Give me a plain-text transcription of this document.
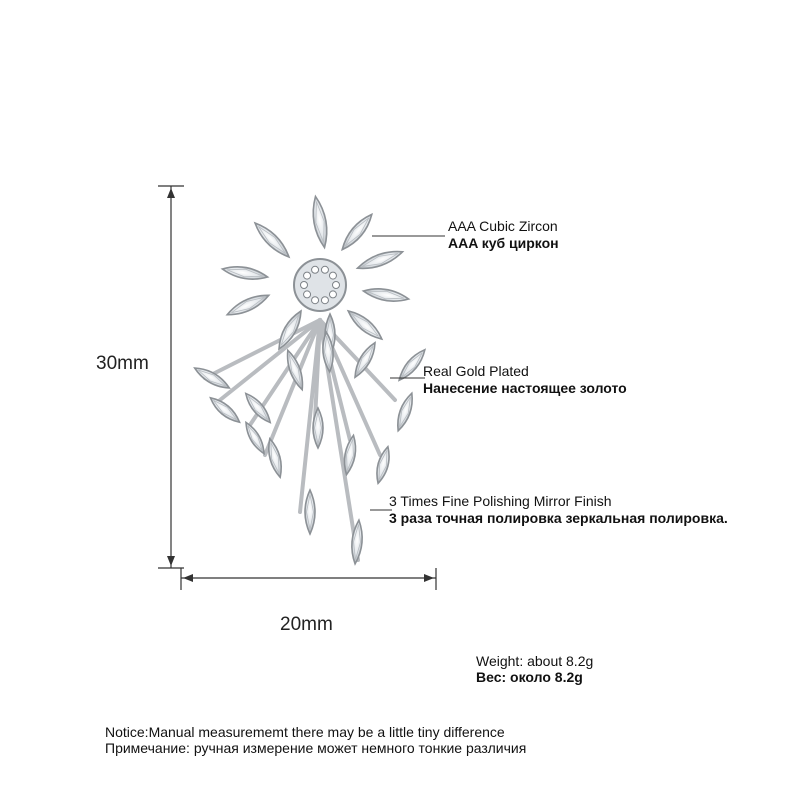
30mm
20mm
AAA Cubic Zircon
AAA куб циркон
Real Gold Plated
Нанесение настоящее золото
3 Times Fine Polishing Mirror Finish
3 раза точная полировка зеркальная полировка.
Weight: about 8.2g
Вес: около 8.2g
Notice:Manual measurememt there may be a little tiny difference
Примечание: ручная измерение может немного тонкие различия
